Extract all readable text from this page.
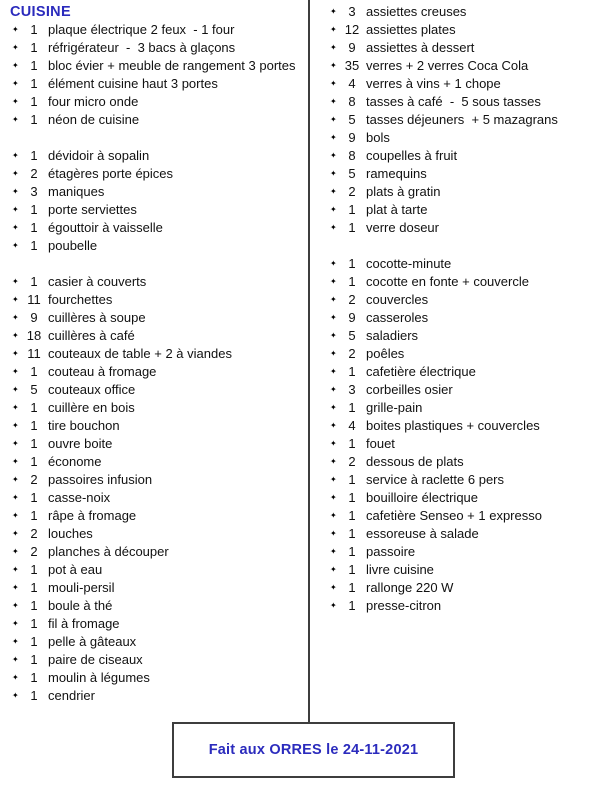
CUISINE
✦ 1 plaque électrique 2 feux  - 1 four
✦ 1 réfrigérateur  -  3 bacs à glaçons
✦ 1 bloc évier + meuble de rangement 3 portes
✦ 1 élément cuisine haut 3 portes
✦ 1 four micro onde
✦ 1 néon de cuisine
✦ 1 dévidoir à sopalin
✦ 2 étagères porte épices
✦ 3 maniques
✦ 1 porte serviettes
✦ 1 égouttoir à vaisselle
✦ 1 poubelle
✦ 1 casier à couverts
✦ 11 fourchettes
✦ 9 cuillères à soupe
✦ 18 cuillères à café
✦ 11 couteaux de table + 2 à viandes
✦ 1 couteau à fromage
✦ 5 couteaux office
✦ 1 cuillère en bois
✦ 1 tire bouchon
✦ 1 ouvre boite
✦ 1 économe
✦ 2 passoires infusion
✦ 1 casse-noix
✦ 1 râpe à fromage
✦ 2 louches
✦ 2 planches à découper
✦ 1 pot à eau
✦ 1 mouli-persil
✦ 1 boule à thé
✦ 1 fil à fromage
✦ 1 pelle à gâteaux
✦ 1 paire de ciseaux
✦ 1 moulin à légumes
✦ 1 cendrier
✦ 3 assiettes creuses
✦ 12 assiettes plates
✦ 9 assiettes à dessert
✦ 35 verres + 2 verres Coca Cola
✦ 4 verres à vins + 1 chope
✦ 8 tasses à café  -  5 sous tasses
✦ 5 tasses déjeuners  + 5 mazagrans
✦ 9 bols
✦ 8 coupelles à fruit
✦ 5 ramequins
✦ 2 plats à gratin
✦ 1 plat à tarte
✦ 1 verre doseur
✦ 1 cocotte-minute
✦ 1 cocotte en fonte + couvercle
✦ 2 couvercles
✦ 9 casseroles
✦ 5 saladiers
✦ 2 poêles
✦ 1 cafetière électrique
✦ 3 corbeilles osier
✦ 1 grille-pain
✦ 4 boites plastiques + couvercles
✦ 1 fouet
✦ 2 dessous de plats
✦ 1 service à raclette 6 pers
✦ 1 bouilloire électrique
✦ 1 cafetière Senseo + 1 expresso
✦ 1 essoreuse à salade
✦ 1 passoire
✦ 1 livre cuisine
✦ 1 rallonge 220 W
✦ 1 presse-citron
Fait aux ORRES le 24-11-2021
